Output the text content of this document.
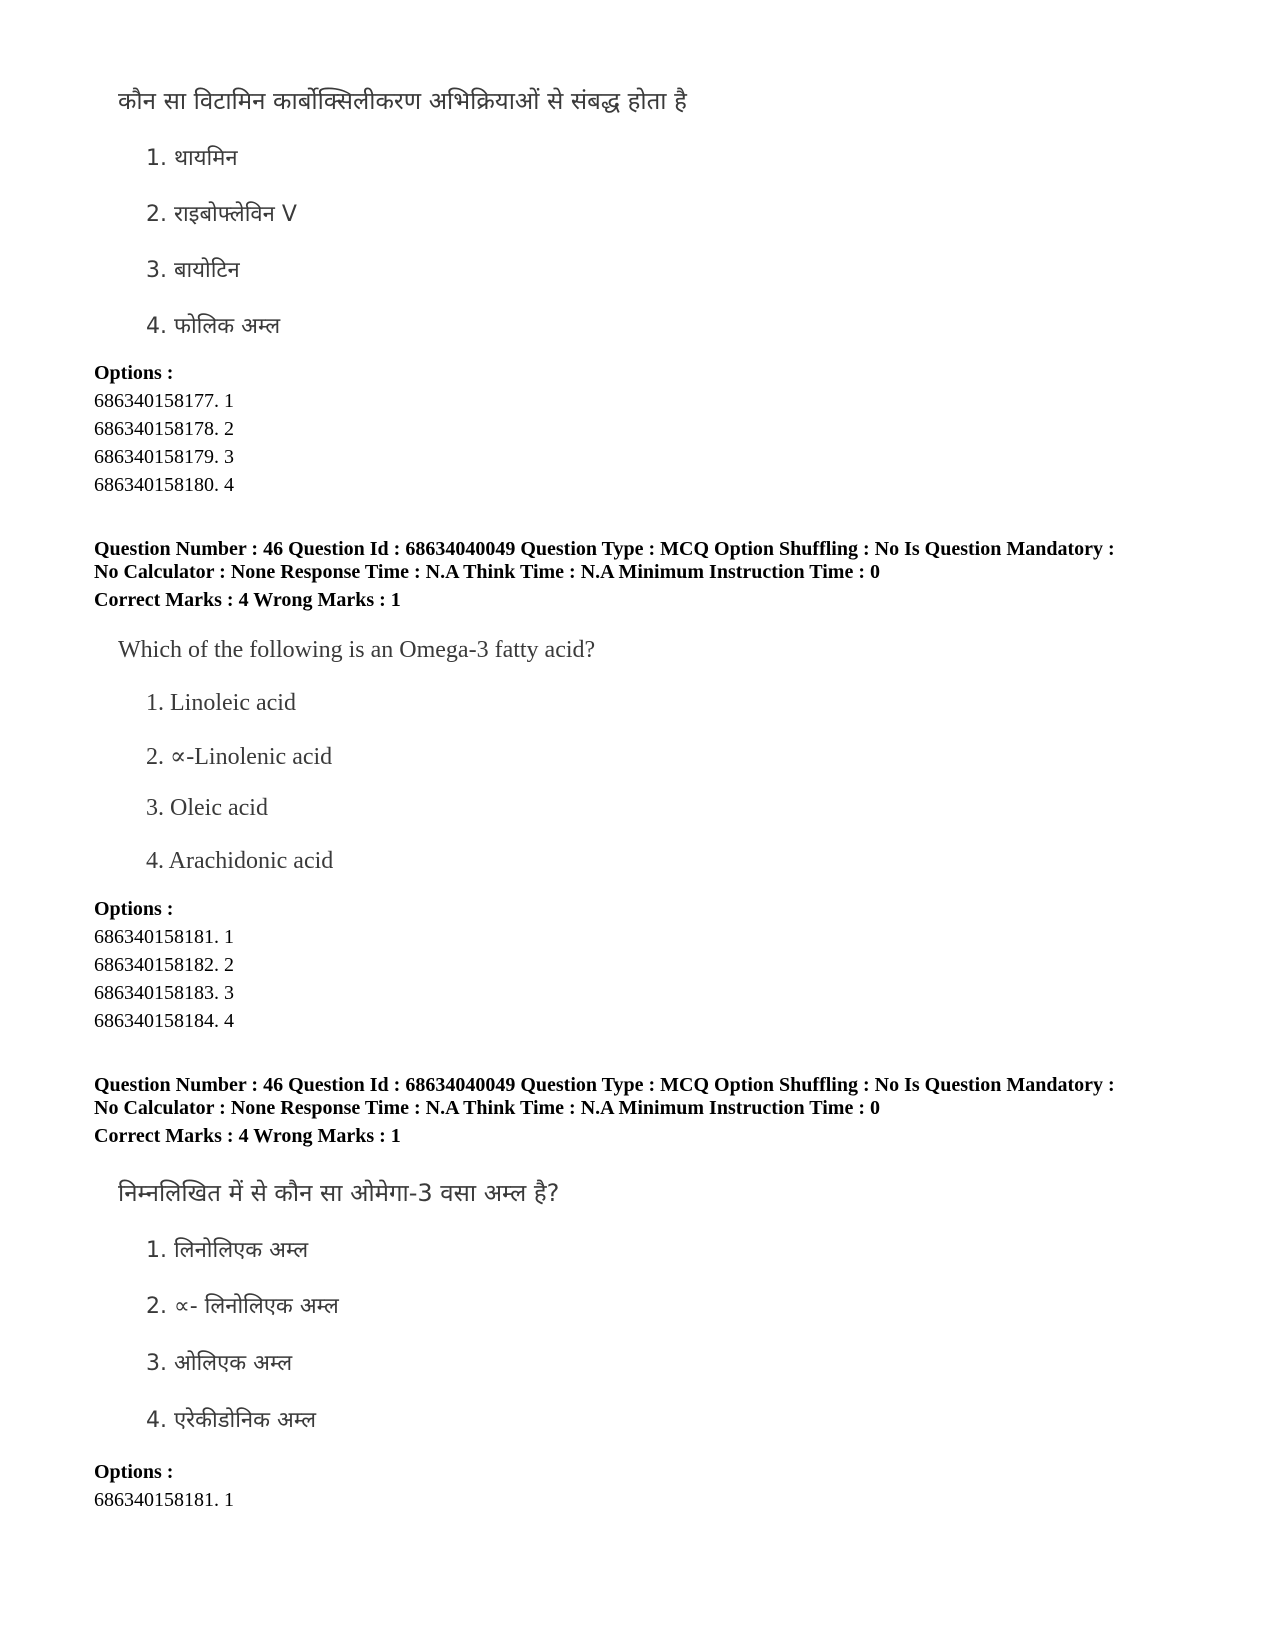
कौन सा विटामिन कार्बोक्सिलीकरण अभिक्रियाओं से संबद्ध होता है
1. थायमिन
2. राइबोफ्लेविन V
3. बायोटिन
4. फोलिक अम्ल
Options :
686340158177. 1
686340158178. 2
686340158179. 3
686340158180. 4
Question Number : 46 Question Id : 68634040049 Question Type : MCQ Option Shuffling : No Is Question Mandatory :
No Calculator : None Response Time : N.A Think Time : N.A Minimum Instruction Time : 0
Correct Marks : 4 Wrong Marks : 1
Which of the following is an Omega-3 fatty acid?
1. Linoleic acid
2. ∝-Linolenic acid
3. Oleic acid
4. Arachidonic acid
Options :
686340158181. 1
686340158182. 2
686340158183. 3
686340158184. 4
Question Number : 46 Question Id : 68634040049 Question Type : MCQ Option Shuffling : No Is Question Mandatory :
No Calculator : None Response Time : N.A Think Time : N.A Minimum Instruction Time : 0
Correct Marks : 4 Wrong Marks : 1
निम्नलिखित में से कौन सा ओमेगा-3 वसा अम्ल है?
1. लिनोलिएक अम्ल
2. ∝- लिनोलिएक अम्ल
3. ओलिएक अम्ल
4. एरेकीडोनिक अम्ल
Options :
686340158181. 1
